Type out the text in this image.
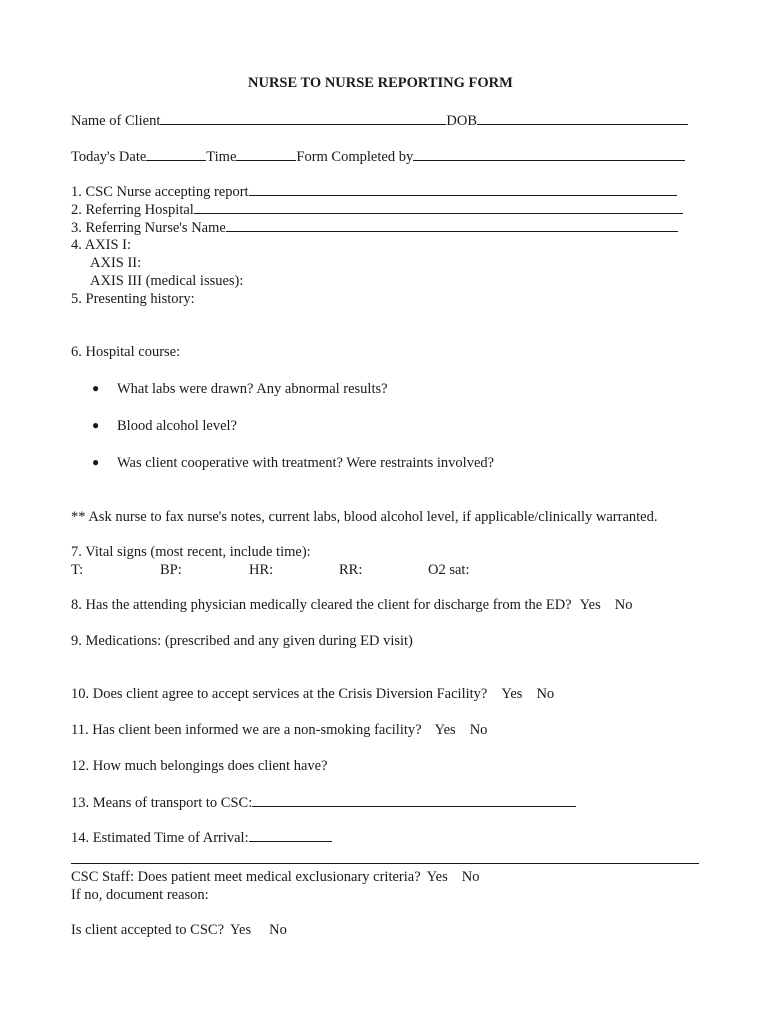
NURSE TO NURSE REPORTING FORM
Name of Client	DOB
Today's Date	Time	Form Completed by
1. CSC Nurse accepting report
2. Referring Hospital
3. Referring Nurse's Name
4. AXIS I:
AXIS II:
AXIS III (medical issues):
5. Presenting history:
6. Hospital course:
● What labs were drawn? Any abnormal results?
● Blood alcohol level?
● Was client cooperative with treatment? Were restraints involved?
** Ask nurse to fax nurse's notes, current labs, blood alcohol level, if applicable/clinically warranted.
7. Vital signs (most recent, include time):
T:	BP:	HR:	RR:	O2 sat:
8. Has the attending physician medically cleared the client for discharge from the ED? Yes No
9. Medications: (prescribed and any given during ED visit)
10. Does client agree to accept services at the Crisis Diversion Facility? Yes No
11. Has client been informed we are a non-smoking facility? Yes No
12. How much belongings does client have?
13. Means of transport to CSC:
14. Estimated Time of Arrival:
CSC Staff: Does patient meet medical exclusionary criteria? Yes No
If no, document reason:
Is client accepted to CSC? Yes No
